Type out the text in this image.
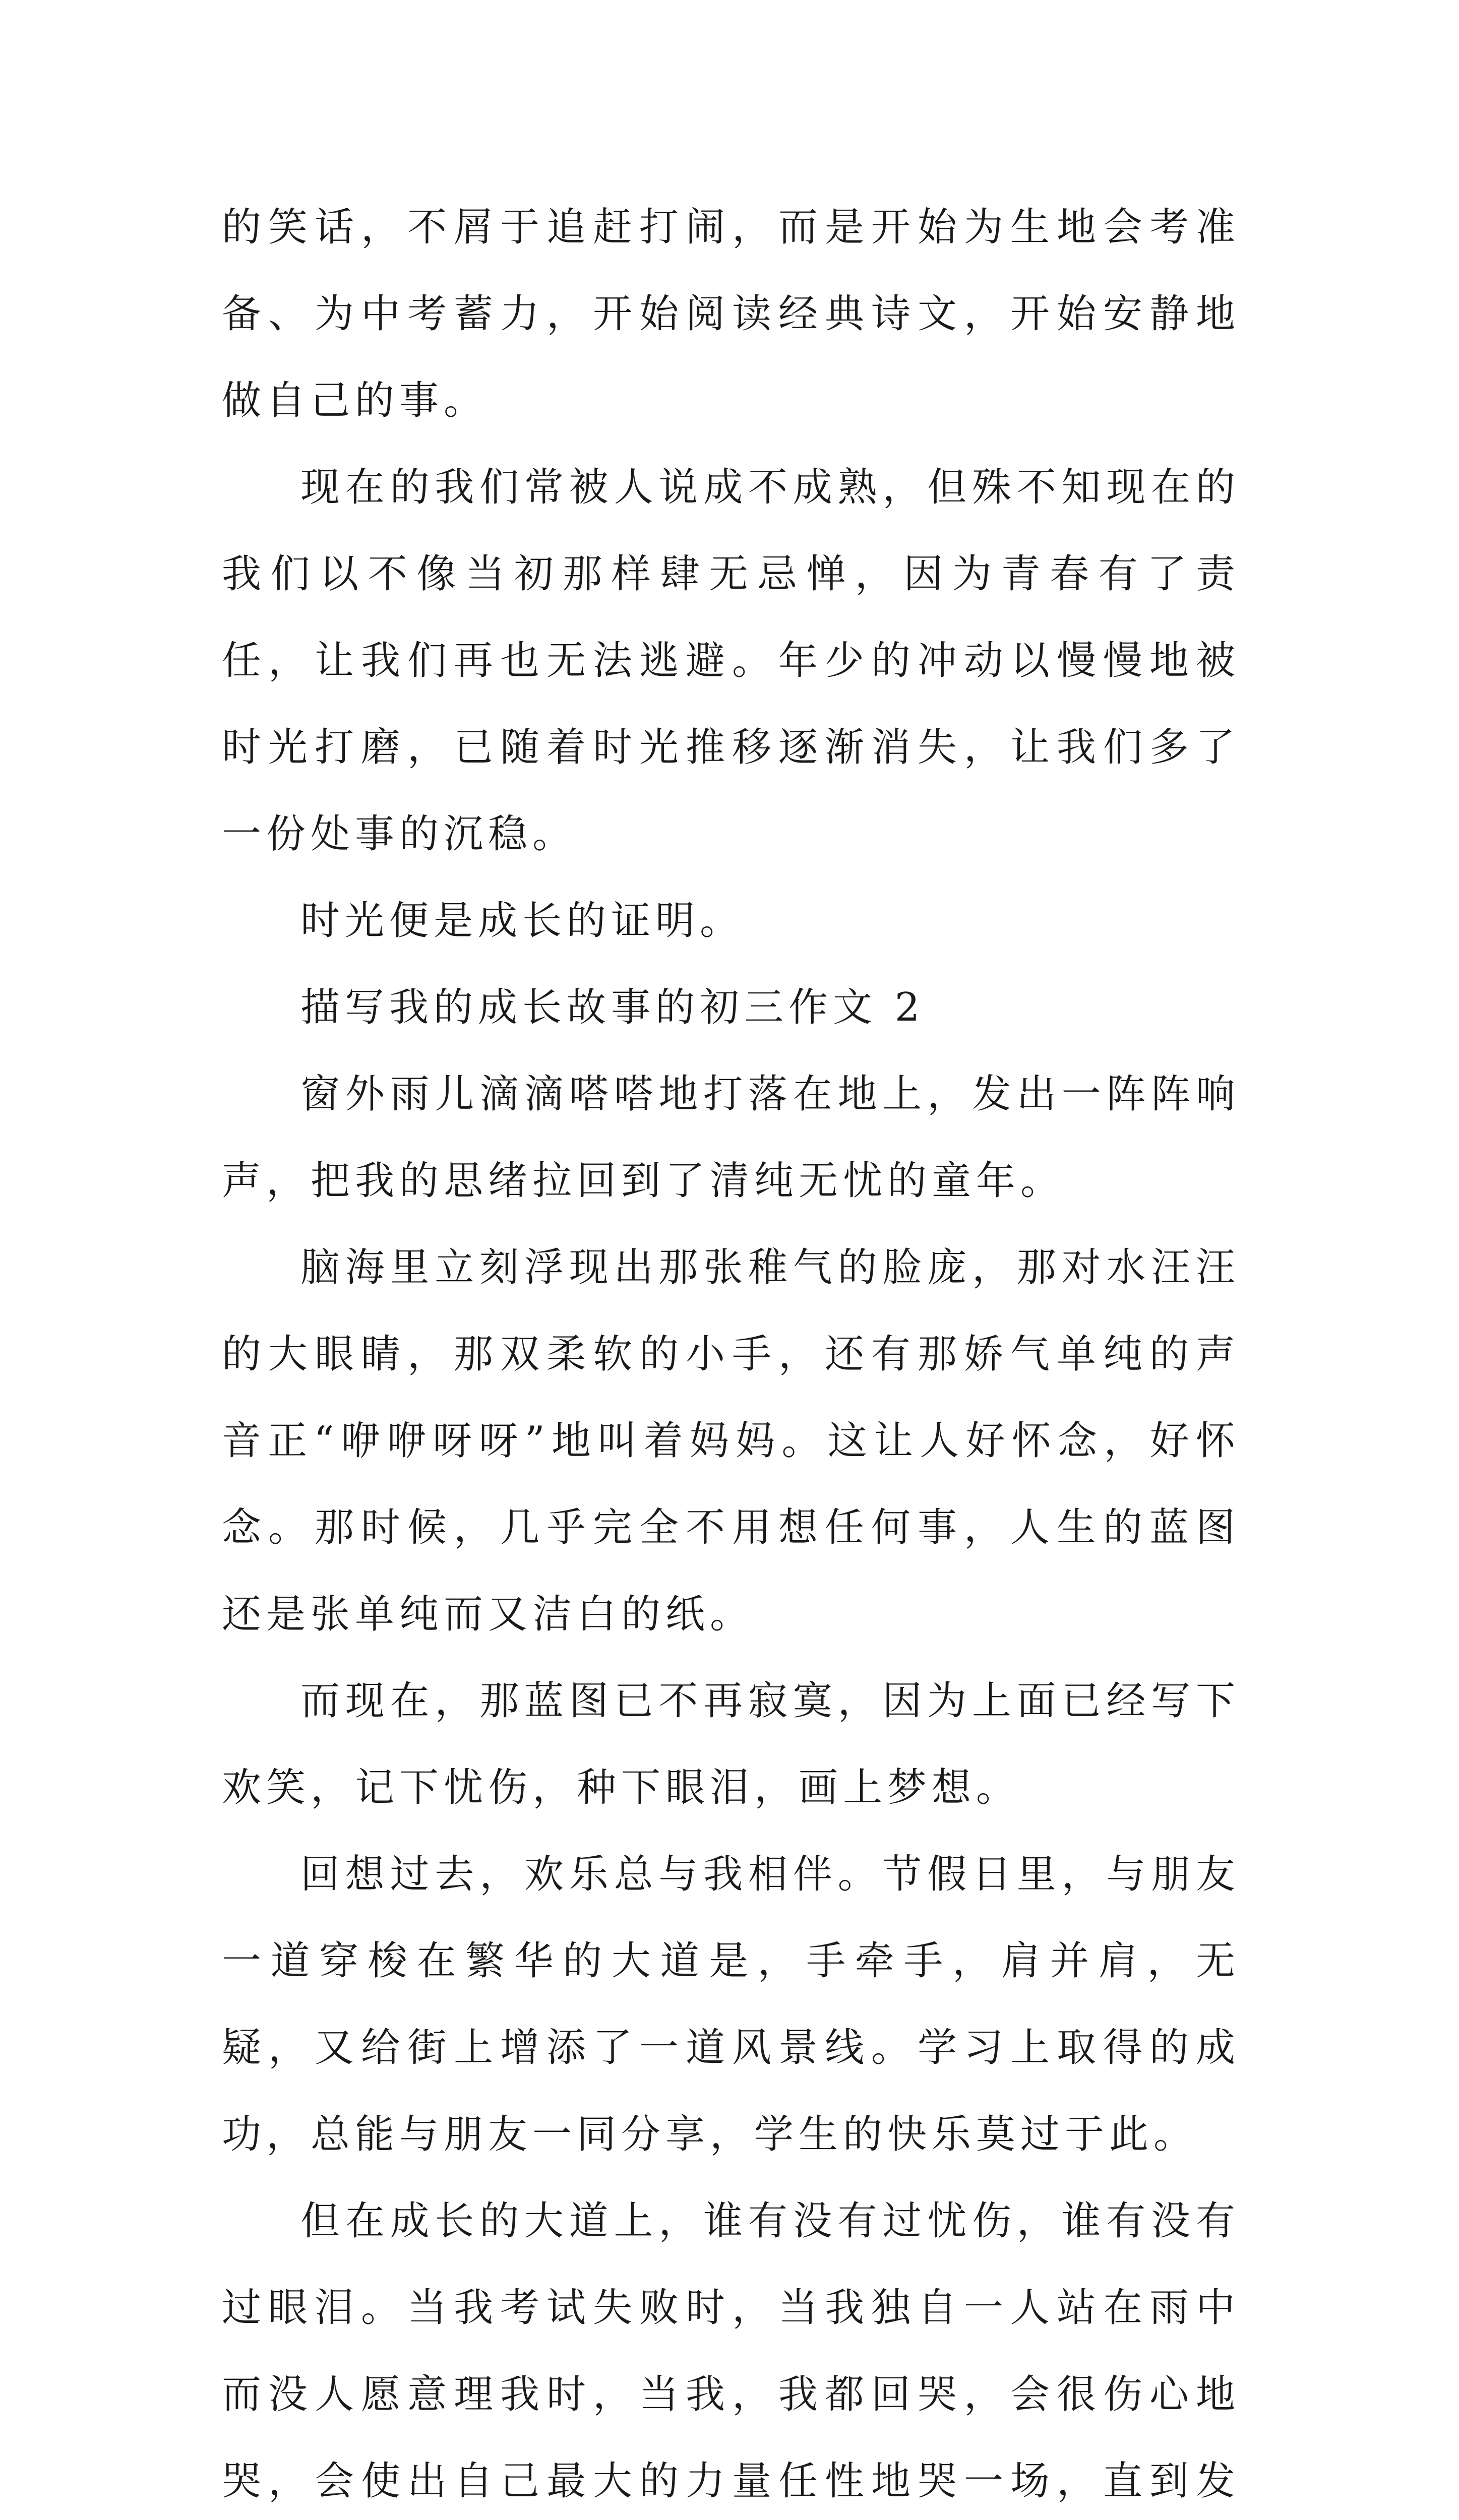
的笑话，不屑于追赶打闹，而是开始为生地会考准备、为中考蓄力，开始阅读经典诗文，开始安静地做自己的事。

现在的我们常被人说成不成熟，但殊不知现在的我们以不像当初那样肆无忌惮，因为青春有了责任，让我们再也无法逃避。年少的冲动以慢慢地被时光打磨，已随着时光推移逐渐消失，让我们多了一份处事的沉稳。

时光便是成长的证明。

描写我的成长故事的初三作文 2

窗外雨儿滴滴嗒嗒地打落在地上，发出一阵阵响声，把我的思绪拉回到了清纯无忧的童年。

脑海里立刻浮现出那张稚气的脸庞，那对水汪汪的大眼睛，那双柔软的小手，还有那娇气单纯的声音正“咿咿呀呀”地叫着妈妈。这让人好怀念，好怀念。那时候，几乎完全不用想任何事，人生的蓝图还是张单纯而又洁白的纸。

而现在，那蓝图已不再寂寞，因为上面已经写下欢笑，记下忧伤，种下眼泪，画上梦想。

回想过去，欢乐总与我相伴。节假日里，与朋友一道穿梭在繁华的大道是，手牵手，肩并肩，无疑，又给街上增添了一道风景线。学习上取得的成功，总能与朋友一同分享，学生的快乐莫过于此。

但在成长的大道上，谁有没有过忧伤，谁有没有过眼泪。当我考试失败时，当我独自一人站在雨中而没人愿意理我时，当我，我都回哭，会很伤心地哭，会使出自己最大的力量任性地哭一场，直到发
